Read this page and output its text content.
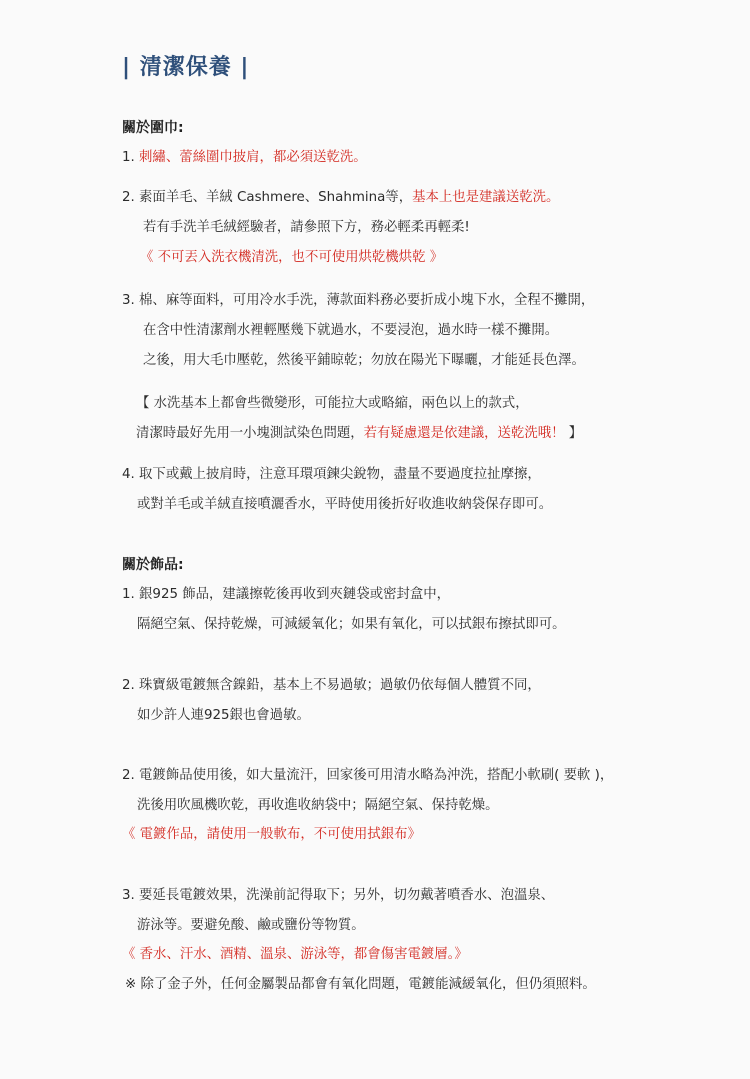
| 清潔保養 |
關於圍巾:
1. 刺繡、蕾絲圍巾披肩，都必須送乾洗。
2. 素面羊毛、羊絨 Cashmere、Shahmina等，基本上也是建議送乾洗。
若有手洗羊毛絨經驗者，請參照下方，務必輕柔再輕柔!
《 不可丟入洗衣機清洗，也不可使用烘乾機烘乾 》
3. 棉、麻等面料，可用冷水手洗，薄款面料務必要折成小塊下水，全程不攤開，
在含中性清潔劑水裡輕壓幾下就過水，不要浸泡，過水時一樣不攤開。
之後，用大毛巾壓乾，然後平鋪晾乾；勿放在陽光下曝曬，才能延長色澤。
【 水洗基本上都會些微變形，可能拉大或略縮，兩色以上的款式，
清潔時最好先用一小塊測試染色問題，若有疑慮還是依建議，送乾洗哦！ 】
4. 取下或戴上披肩時，注意耳環項鍊尖銳物，盡量不要過度拉扯摩擦，
或對羊毛或羊絨直接噴灑香水，平時使用後折好收進收納袋保存即可。
關於飾品:
1. 銀925 飾品，建議擦乾後再收到夾鏈袋或密封盒中，
隔絕空氣、保持乾燥，可減緩氧化；如果有氧化，可以拭銀布擦拭即可。
2. 珠寶級電鍍無含鎳鉛，基本上不易過敏；過敏仍依每個人體質不同，
如少許人連925銀也會過敏。
2. 電鍍飾品使用後，如大量流汗，回家後可用清水略為沖洗，搭配小軟刷( 要軟 )，
洗後用吹風機吹乾，再收進收納袋中；隔絕空氣、保持乾燥。
《 電鍍作品，請使用一般軟布，不可使用拭銀布》
3. 要延長電鍍效果，洗澡前記得取下；另外，切勿戴著噴香水、泡溫泉、
游泳等。要避免酸、鹼或鹽份等物質。
《 香水、汗水、酒精、溫泉、游泳等，都會傷害電鍍層。》
※ 除了金子外，任何金屬製品都會有氧化問題，電鍍能減緩氧化，但仍須照料。
